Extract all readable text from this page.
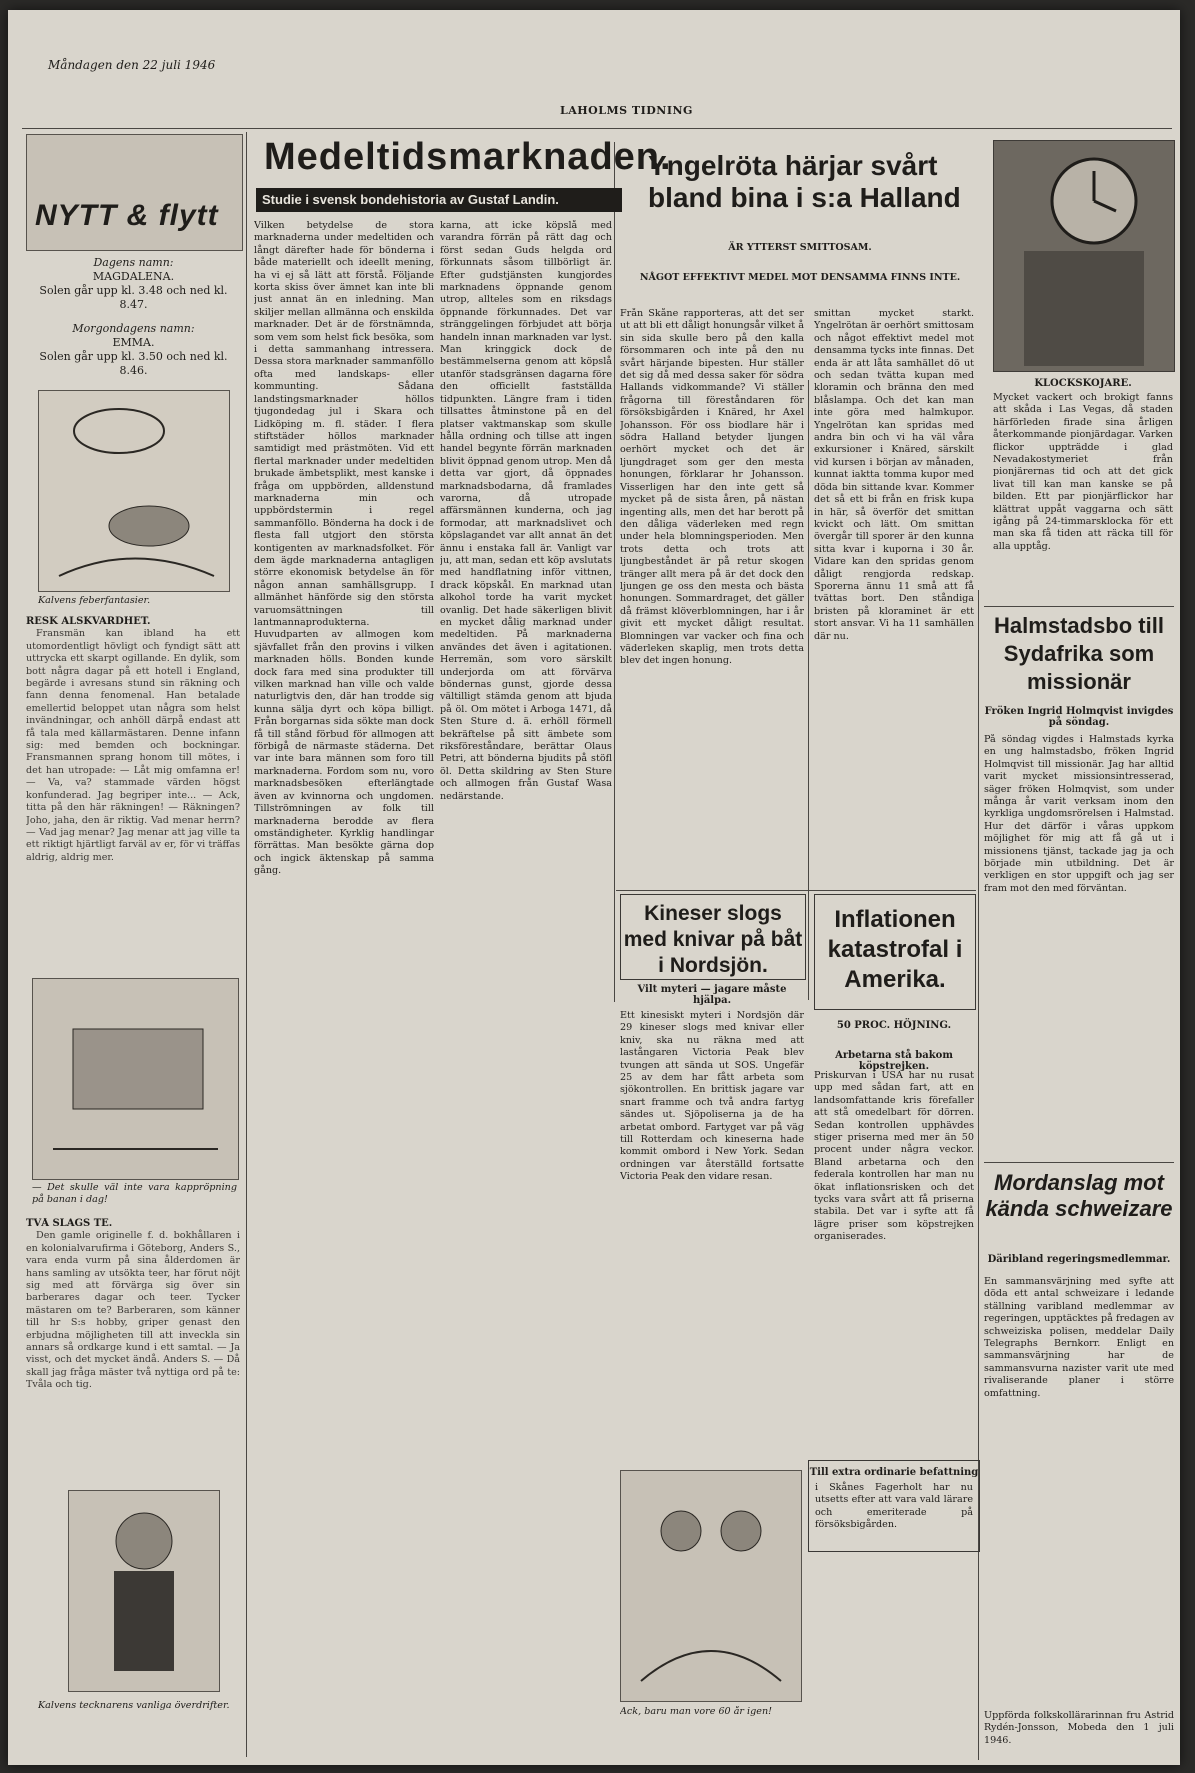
Måndagen den 22 juli 1946
LAHOLMS TIDNING
NYTT & flytt
Dagens namn:
MAGDALENA.
Solen går upp kl. 3.48 och ned kl. 8.47.
Morgondagens namn:
EMMA.
Solen går upp kl. 3.50 och ned kl. 8.46.
Kalvens feberfantasier.
RESK ALSKVARDHET.

Fransmän kan ibland ha ett utomordentligt hövligt och fyndigt sätt att uttrycka ett skarpt ogillande. En dylik, som bott några dagar på ett hotell i England, begärde i avresans stund sin räkning och fann denna fenomenal. Han betalade emellertid beloppet utan några som helst invändningar, och anhöll därpå endast att få tala med källarmästaren. Denne infann sig: med bemden och bockningar. Fransmannen sprang honom till mötes, i det han utropade: — Låt mig omfamna er! — Va, va? stammade värden högst konfunderad. Jag begriper inte... — Ack, titta på den här räkningen! — Räkningen? Joho, jaha, den är riktig. Vad menar herrn? — Vad jag menar? Jag menar att jag ville ta ett riktigt hjärtligt farväl av er, för vi träffas aldrig, aldrig mer.

— Det skulle väl inte vara kappröpning på banan i dag!
TVÅ SLAGS TE.

Den gamle originelle f. d. bokhållaren i en kolonialvarufirma i Göteborg, Anders S., vara enda vurm på sina ålderdomen är hans samling av utsökta teer, har förut nöjt sig med att förvärga sig över sin barberares dagar och teer. Tycker mästaren om te? Barberaren, som känner till hr S:s hobby, griper genast den erbjudna möjligheten till att inveckla sin annars så ordkarge kund i ett samtal. — Ja visst, och det mycket ändå. Anders S. — Då skall jag fråga mäster två nyttiga ord på te: Tvåla och tig.

Kalvens tecknarens vanliga överdrifter.
Medeltidsmarknaden.
Studie i svensk bondehistoria av Gustaf Landin.
Vilken betydelse de stora marknaderna under medeltiden och långt därefter hade för bönderna i både materiellt och ideellt mening, ha vi ej så lätt att förstå. Följande korta skiss över ämnet kan inte bli just annat än en inledning. Man skiljer mellan allmänna och enskilda marknader. Det är de förstnämnda, som vem som helst fick besöka, som i detta sammanhang intressera. Dessa stora marknader sammanföllo ofta med landskaps- eller kommunting. Sådana landstingsmarknader höllos tjugondedag jul i Skara och Lidköping m. fl. städer. I flera stiftstäder höllos marknader samtidigt med prästmöten. Vid ett flertal marknader under medeltiden brukade ämbetsplikt, mest kanske i fråga om uppbörden, alldenstund marknaderna min och uppbördstermin i regel sammanföllo. Bönderna ha dock i de flesta fall utgjort den största kontigenten av marknadsfolket. För dem ägde marknaderna antagligen större ekonomisk betydelse än för någon annan samhällsgrupp. I allmänhet hänförde sig den största varuomsättningen till lantmannaprodukterna. Huvudparten av allmogen kom sjävfallet från den provins i vilken marknaden hölls. Bonden kunde dock fara med sina produkter till vilken marknad han ville och valde naturligtvis den, där han trodde sig kunna sälja dyrt och köpa billigt. Från borgarnas sida sökte man dock få till stånd förbud för allmogen att förbigå de närmaste städerna. Det var inte bara männen som foro till marknaderna. Fordom som nu, voro marknadsbesöken efterlängtade även av kvinnorna och ungdomen. Tillströmningen av folk till marknaderna berodde av flera omständigheter. Kyrklig handlingar förrättas. Man besökte gärna dop och ingick äktenskap på samma gång.
karna, att icke köpslå med varandra förrän på rätt dag och först sedan Guds helgda ord förkunnats såsom tillbörligt är. Efter gudstjänsten kungjordes marknadens öppnande genom utrop, allteles som en riksdags öppnande förkunnades. Det var stränggelingen förbjudet att börja handeln innan marknaden var lyst. Man kringgick dock de bestämmelserna genom att köpslå utanför stadsgränsen dagarna före den officiellt fastställda tidpunkten. Längre fram i tiden tillsattes åtminstone på en del platser vaktmanskap som skulle hålla ordning och tillse att ingen handel begynte förrän marknaden blivit öppnad genom utrop. Men då detta var gjort, då öppnades marknadsbodarna, då framlades varorna, då utropade affärsmännen kunderna, och jag formodar, att marknadslivet och köpslagandet var allt annat än det ännu i enstaka fall är. Vanligt var ju, att man, sedan ett köp avslutats med handflatning inför vittnen, drack köpskål. En marknad utan alkohol torde ha varit mycket ovanlig. Det hade säkerligen blivit en mycket dålig marknad under medeltiden. På marknaderna användes det även i agitationen. Herremän, som voro särskilt underjorda om att förvärva böndernas gunst, gjorde dessa vältilligt stämda genom att bjuda på öl. Om mötet i Arboga 1471, då Sten Sture d. ä. erhöll förmell bekräftelse på sitt ämbete som riksföreståndare, berättar Olaus Petri, att bönderna bjudits på stöfl öl. Detta skildring av Sten Sture och allmogen från Gustaf Wasa nedärstande.
Yngelröta härjar svårt bland bina i s:a Halland
ÄR YTTERST SMITTOSAM.
NÅGOT EFFEKTIVT MEDEL MOT DENSAMMA FINNS INTE.
Från Skåne rapporteras, att det ser ut att bli ett dåligt honungsår vilket å sin sida skulle bero på den kalla försommaren och inte på den nu svårt härjande bipesten. Hur ställer det sig då med dessa saker för södra Hallands vidkommande? Vi ställer frågorna till föreståndaren för försöksbigården i Knäred, hr Axel Johansson. För oss biodlare här i södra Halland betyder ljungen oerhört mycket och det är ljungdraget som ger den mesta honungen, förklarar hr Johansson. Visserligen har den inte gett så mycket på de sista åren, på nästan ingenting alls, men det har berott på den dåliga väderleken med regn under hela blomningsperioden. Men trots detta och trots att ljungbeståndet är på retur skogen tränger allt mera på är det dock den ljungen ge oss den mesta och bästa honungen. Sommardraget, det gäller då främst klöverblomningen, har i år givit ett mycket dåligt resultat. Blomningen var vacker och fina och väderleken skaplig, men trots detta blev det ingen honung.
smittan mycket starkt. Yngelrötan är oerhört smittosam och något effektivt medel mot densamma tycks inte finnas. Det enda är att låta samhället dö ut och sedan tvätta kupan med kloramin och bränna den med blåslampa. Och det kan man inte göra med halmkupor. Yngelrötan kan spridas med andra bin och vi ha väl våra exkursioner i Knäred, särskilt vid kursen i början av månaden, kunnat iaktta tomma kupor med döda bin sittande kvar. Kommer det så ett bi från en frisk kupa in här, så överför det smittan kvickt och lätt. Om smittan övergår till sporer är den kunna sitta kvar i kuporna i 30 år. Vidare kan den spridas genom dåligt rengjorda redskap. Sporerna ännu 11 små att få tvättas bort. Den ståndiga bristen på kloraminet är ett stort ansvar. Vi ha 11 samhällen där nu.
KLOCKSKOJARE.
Mycket vackert och brokigt fanns att skåda i Las Vegas, då staden härförleden firade sina årligen återkommande pionjärdagar. Varken flickor uppträdde i glad Nevadakostymeriet från pionjärernas tid och att det gick livat till kan man kanske se på bilden. Ett par pionjärflickor har klättrat uppåt vaggarna och sätt igång på 24-timmarsklocka för ett man ska få tiden att räcka till för alla upptåg.
Kineser slogs med knivar på båt i Nordsjön.
Vilt myteri — jagare måste hjälpa.
Ett kinesiskt myteri i Nordsjön där 29 kineser slogs med knivar eller kniv, ska nu räkna med att lastångaren Victoria Peak blev tvungen att sända ut SOS. Ungefär 25 av dem har fått arbeta som sjökontrollen. En brittisk jagare var snart framme och två andra fartyg sändes ut. Sjöpoliserna ja de ha arbetat ombord. Fartyget var på väg till Rotterdam och kineserna hade kommit ombord i New York. Sedan ordningen var återställd fortsatte Victoria Peak den vidare resan.
Inflationen katastrofal i Amerika.
50 PROC. HÖJNING.
Arbetarna stå bakom köpstrejken.
Priskurvan i USA har nu rusat upp med sådan fart, att en landsomfattande kris förefaller att stå omedelbart för dörren. Sedan kontrollen upphävdes stiger priserna med mer än 50 procent under några veckor. Bland arbetarna och den federala kontrollen har man nu ökat inflationsrisken och det tycks vara svårt att få priserna stabila. Det var i syfte att få lägre priser som köpstrejken organiserades.
Halmstadsbo till Sydafrika som missionär
Fröken Ingrid Holmqvist invigdes på söndag.
På söndag vigdes i Halmstads kyrka en ung halmstadsbo, fröken Ingrid Holmqvist till missionär. Jag har alltid varit mycket missionsintresserad, säger fröken Holmqvist, som under många år varit verksam inom den kyrkliga ungdomsrörelsen i Halmstad. Hur det därför i våras uppkom möjlighet för mig att få gå ut i missionens tjänst, tackade jag ja och började min utbildning. Det är verkligen en stor uppgift och jag ser fram mot den med förväntan.
Mordanslag mot kända schweizare
Däribland regeringsmedlemmar.
En sammansvärjning med syfte att döda ett antal schweizare i ledande ställning varibland medlemmar av regeringen, upptäcktes på fredagen av schweiziska polisen, meddelar Daily Telegraphs Bernkorr. Enligt en sammansvärjning har de sammansvurna nazister varit ute med rivaliserande planer i större omfattning.
Till extra ordinarie befattning
i Skånes Fagerholt har nu utsetts efter att vara vald lärare och emeriterade på försöksbigården.
Ack, baru man vore 60 år igen!	Uppförda folkskollärarinnan fru Astrid Rydén-Jonsson, Mobeda den 1 juli 1946.
